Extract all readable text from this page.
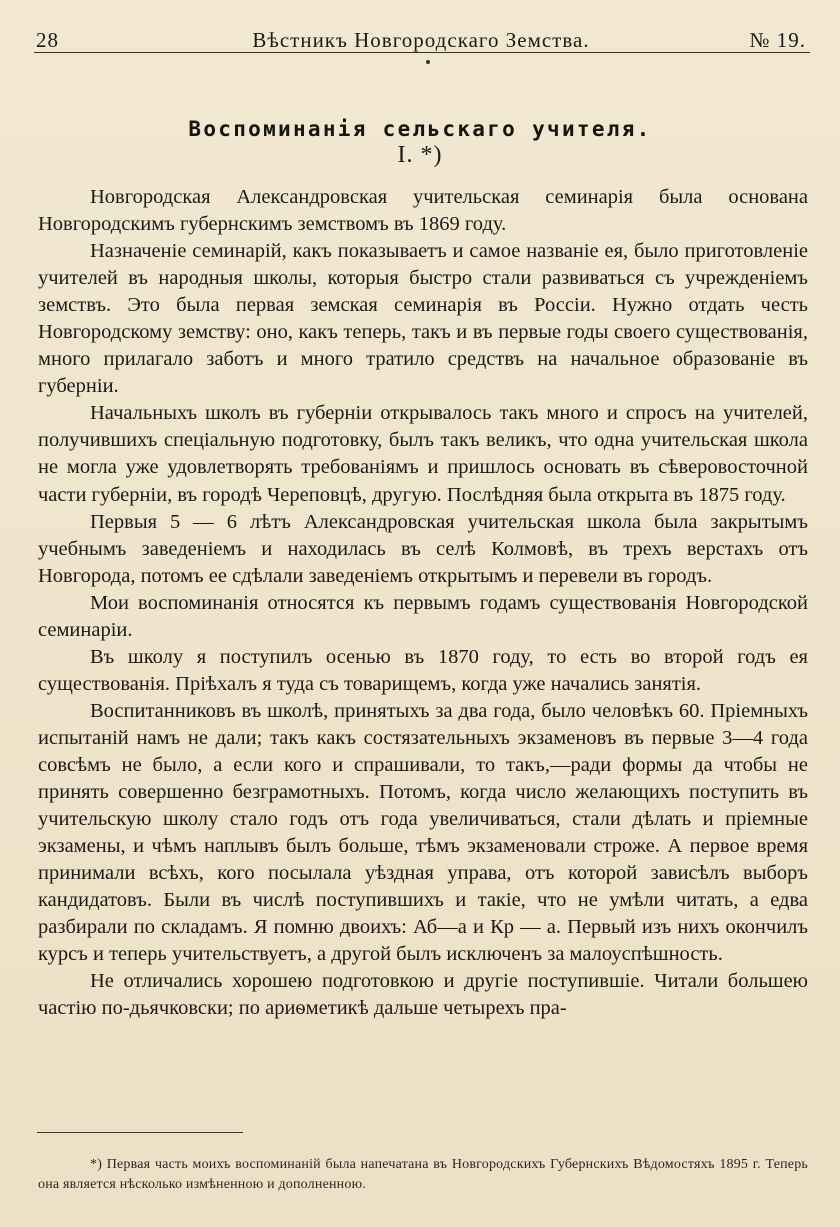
28	Вѣстникъ Новгородскаго Земства.	№ 19.
Воспоминанія сельскаго учителя.
I. *)

Новгородская Александровская учительская семинарія была основана Новгородскимъ губернскимъ земствомъ въ 1869 году.

Назначеніе семинарій, какъ показываетъ и самое названіе ея, было приготовленіе учителей въ народныя школы, которыя быстро стали развиваться съ учрежденіемъ земствъ. Это была первая земская семинарія въ Россіи. Нужно отдать честь Новгородскому земству: оно, какъ теперь, такъ и въ первые годы своего существованія, много прилагало заботъ и много тратило средствъ на начальное образованіе въ губерніи.

Начальныхъ школъ въ губерніи открывалось такъ много и спросъ на учителей, получившихъ спеціальную подготовку, былъ такъ великъ, что одна учительская школа не могла уже удовлетворять требованіямъ и пришлось основать въ сѣверовосточной части губерніи, въ городѣ Череповцѣ, другую. Послѣдняя была открыта въ 1875 году.

Первыя 5 — 6 лѣтъ Александровская учительская школа была закрытымъ учебнымъ заведеніемъ и находилась въ селѣ Колмовѣ, въ трехъ верстахъ отъ Новгорода, потомъ ее сдѣлали заведеніемъ открытымъ и перевели въ городъ.

Мои воспоминанія относятся къ первымъ годамъ существованія Новгородской семинаріи.

Въ школу я поступилъ осенью въ 1870 году, то есть во второй годъ ея существованія. Пріѣхалъ я туда съ товарищемъ, когда уже начались занятія.

Воспитанниковъ въ школѣ, принятыхъ за два года, было человѣкъ 60. Пріемныхъ испытаній намъ не дали; такъ какъ состязательныхъ экзаменовъ въ первые 3—4 года совсѣмъ не было, а если кого и спрашивали, то такъ,—ради формы да чтобы не принять совершенно безграмотныхъ. Потомъ, когда число желающихъ поступить въ учительскую школу стало годъ отъ года увеличиваться, стали дѣлать и пріемные экзамены, и чѣмъ наплывъ былъ больше, тѣмъ экзаменовали строже. А первое время принимали всѣхъ, кого посылала уѣздная управа, отъ которой зависѣлъ выборъ кандидатовъ. Были въ числѣ поступившихъ и такіе, что не умѣли читать, а едва разбирали по складамъ. Я помню двоихъ: Аб—а и Кр — а. Первый изъ нихъ окончилъ курсъ и теперь учительствуетъ, а другой былъ исключенъ за малоуспѣшность.

Не отличались хорошею подготовкою и другіе поступившіе. Читали большею частію по-дьячковски; по ариѳметикѣ дальше четырехъ пра-

*) Первая часть моихъ воспоминаній была напечатана въ Новгородскихъ Губернскихъ Вѣдомостяхъ 1895 г. Теперь она является нѣсколько измѣненною и дополненною.
